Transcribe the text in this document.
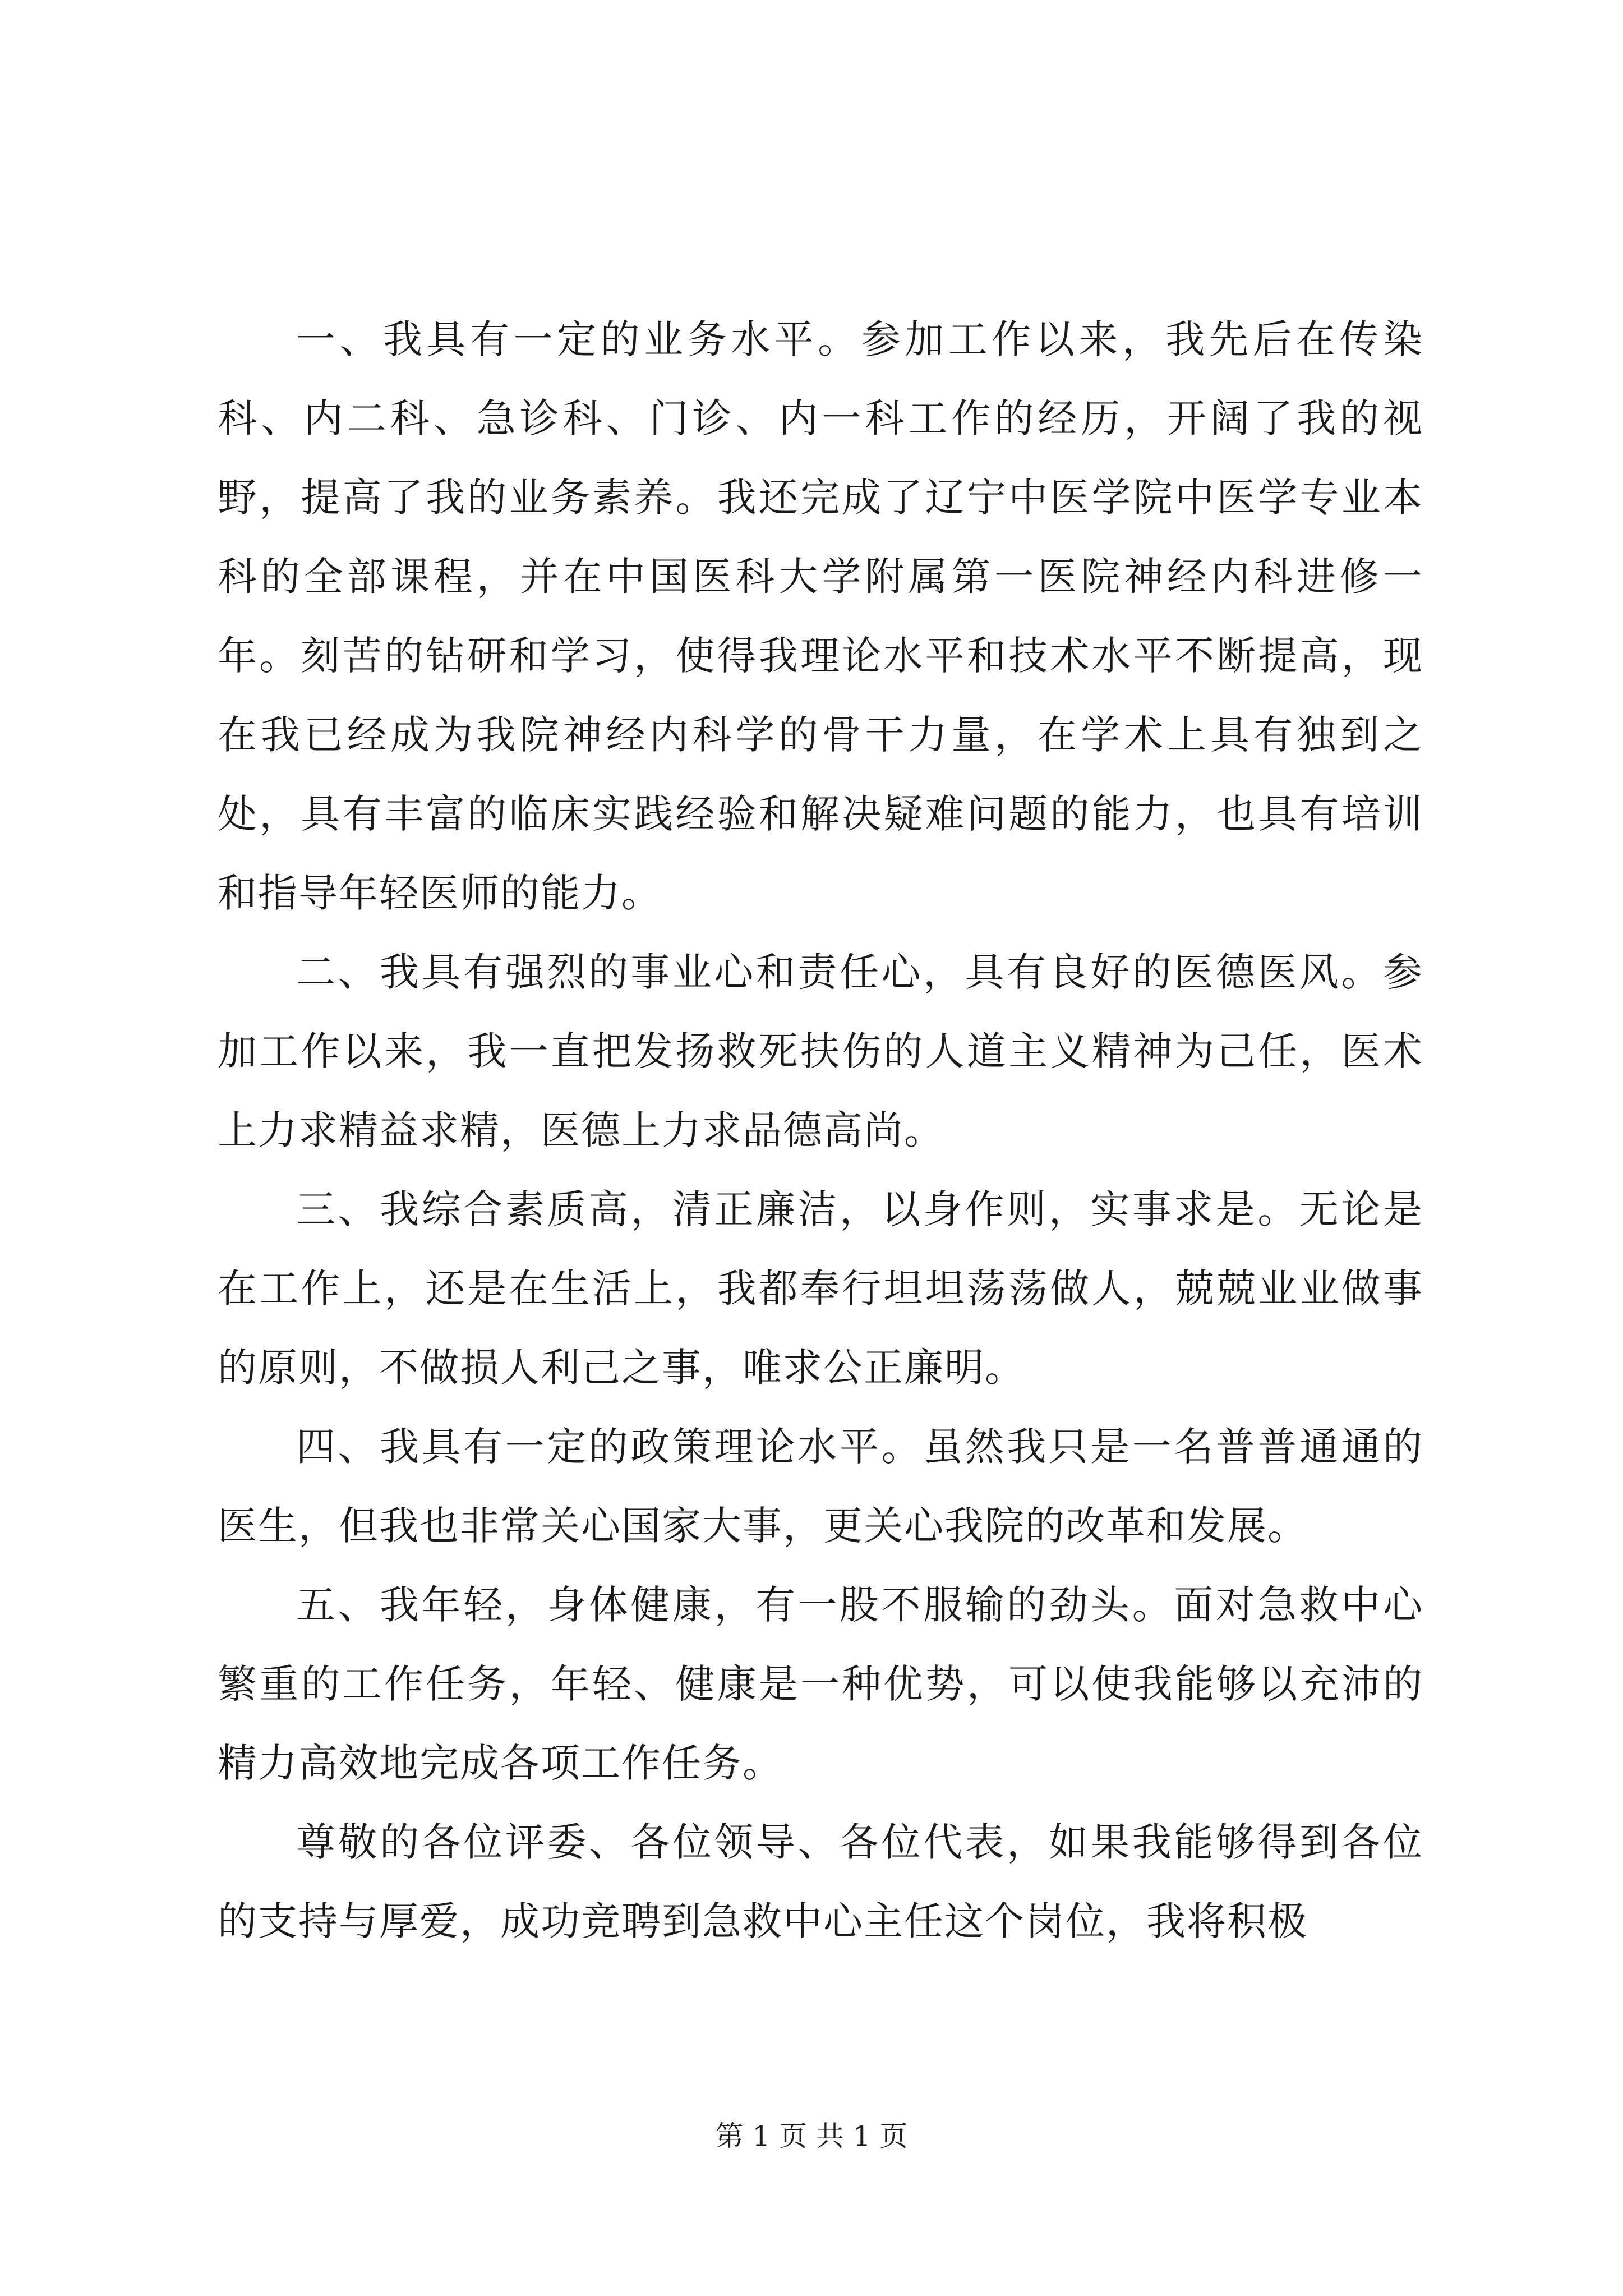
一、我具有一定的业务水平。参加工作以来，我先后在传染科、内二科、急诊科、门诊、内一科工作的经历，开阔了我的视野，提高了我的业务素养。我还完成了辽宁中医学院中医学专业本科的全部课程，并在中国医科大学附属第一医院神经内科进修一年。刻苦的钻研和学习，使得我理论水平和技术水平不断提高，现在我已经成为我院神经内科学的骨干力量，在学术上具有独到之处，具有丰富的临床实践经验和解决疑难问题的能力，也具有培训和指导年轻医师的能力。

二、我具有强烈的事业心和责任心，具有良好的医德医风。参加工作以来，我一直把发扬救死扶伤的人道主义精神为己任，医术上力求精益求精，医德上力求品德高尚。

三、我综合素质高，清正廉洁，以身作则，实事求是。无论是在工作上，还是在生活上，我都奉行坦坦荡荡做人，兢兢业业做事的原则，不做损人利己之事，唯求公正廉明。

四、我具有一定的政策理论水平。虽然我只是一名普普通通的医生，但我也非常关心国家大事，更关心我院的改革和发展。

五、我年轻，身体健康，有一股不服输的劲头。面对急救中心繁重的工作任务，年轻、健康是一种优势，可以使我能够以充沛的精力高效地完成各项工作任务。

尊敬的各位评委、各位领导、各位代表，如果我能够得到各位的支持与厚爱，成功竞聘到急救中心主任这个岗位，我将积极

第 1 页 共 1 页
